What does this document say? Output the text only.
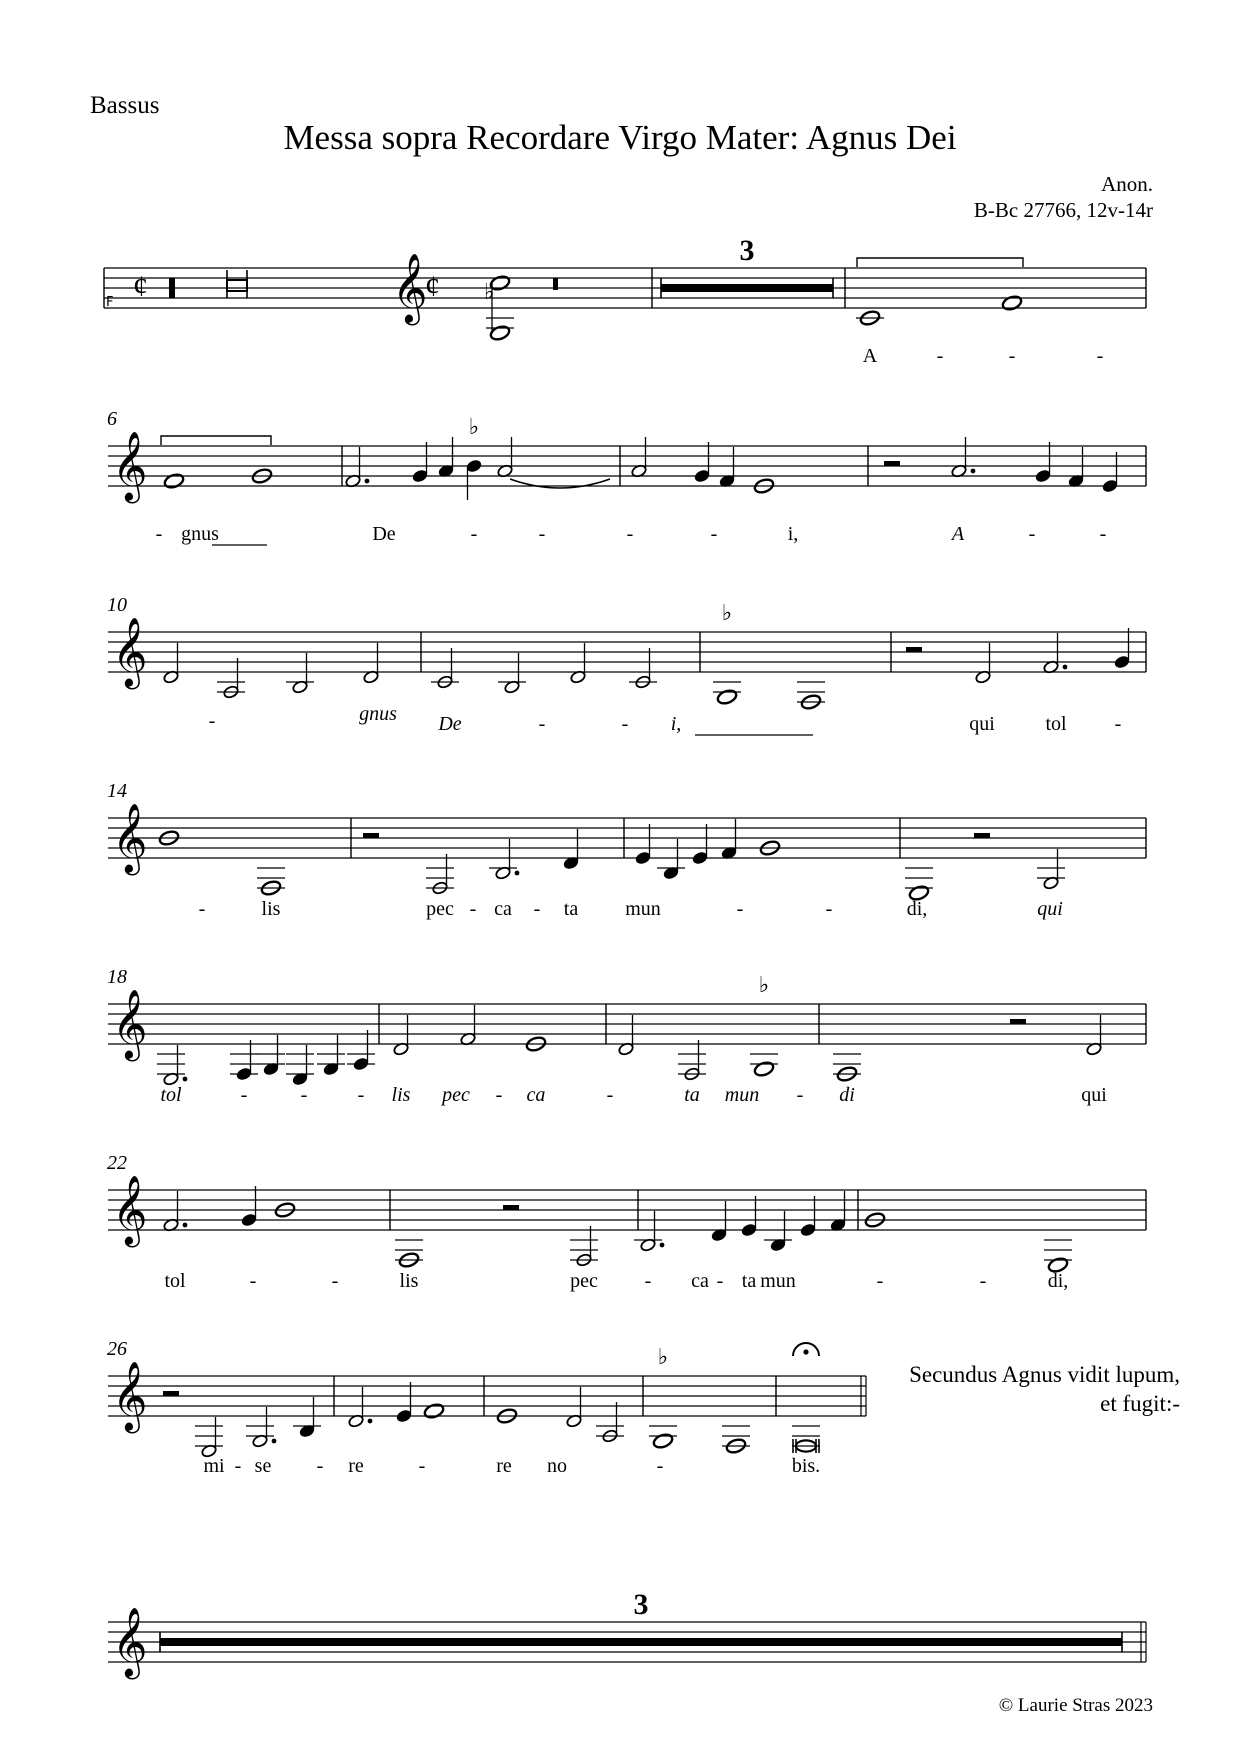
Bassus
Messa sopra Recordare Virgo Mater: Agnus Dei
Anon.
B-Bc 27766, 12v-14r
Secundus Agnus vidit lupum,
et fugit:-
© Laurie Stras 2023
F ¢	𝄞
¢ ♭
3
A	-	-	-
𝄞
6	♭
- gnus	De	-	-	-	-	i,	A	-	-
𝄞
10	♭
-	gnus De	-	- i,	qui	tol -
𝄞
14
-	lis	pec - ca - ta mun	-	-	di,	qui
𝄞
18	♭
tol	-	-	- lis pec - ca	-	ta mun - di	qui
𝄞
22
tol	-	-	lis	pec - ca - ta mun	-	-	di,
𝄞
26	♭
mi - se - re	-	re no	-	bis.
𝄞
3
